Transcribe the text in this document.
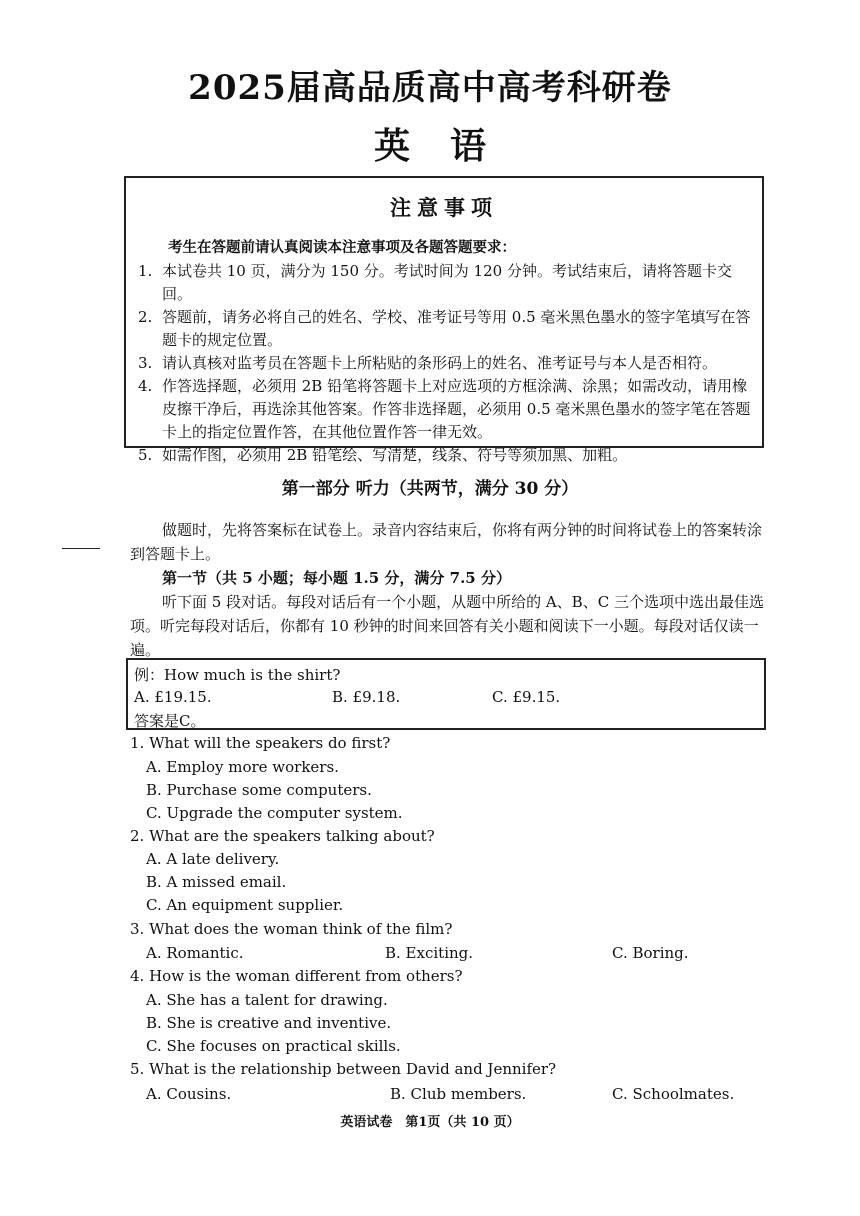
2025届高品质高中高考科研卷
英语
注意事项
考生在答题前请认真阅读本注意事项及各题答题要求：
1. 本试卷共 10 页，满分为 150 分。考试时间为 120 分钟。考试结束后，请将答题卡交回。
2. 答题前，请务必将自己的姓名、学校、准考证号等用 0.5 毫米黑色墨水的签字笔填写在答题卡的规定位置。
3. 请认真核对监考员在答题卡上所粘贴的条形码上的姓名、准考证号与本人是否相符。
4. 作答选择题，必须用 2B 铅笔将答题卡上对应选项的方框涂满、涂黑；如需改动，请用橡皮擦干净后，再选涂其他答案。作答非选择题，必须用 0.5 毫米黑色墨水的签字笔在答题卡上的指定位置作答，在其他位置作答一律无效。
5. 如需作图，必须用 2B 铅笔绘、写清楚，线条、符号等须加黑、加粗。
第一部分 听力（共两节，满分 30 分）
做题时，先将答案标在试卷上。录音内容结束后，你将有两分钟的时间将试卷上的答案转涂到答题卡上。
第一节（共 5 小题；每小题 1.5 分，满分 7.5 分）
听下面 5 段对话。每段对话后有一个小题，从题中所给的 A、B、C 三个选项中选出最佳选项。听完每段对话后，你都有 10 秒钟的时间来回答有关小题和阅读下一小题。每段对话仅读一遍。
例：How much is the shirt?
A. £19.15.	B. £9.18.	C. £9.15.
答案是C。
1. What will the speakers do first?
A. Employ more workers.
B. Purchase some computers.
C. Upgrade the computer system.
2. What are the speakers talking about?
A. A late delivery.
B. A missed email.
C. An equipment supplier.
3. What does the woman think of the film?
A. Romantic.	B. Exciting.	C. Boring.
4. How is the woman different from others?
A. She has a talent for drawing.
B. She is creative and inventive.
C. She focuses on practical skills.
5. What is the relationship between David and Jennifer?
A. Cousins.	B. Club members.	C. Schoolmates.
英语试卷　第1页（共 10 页）
